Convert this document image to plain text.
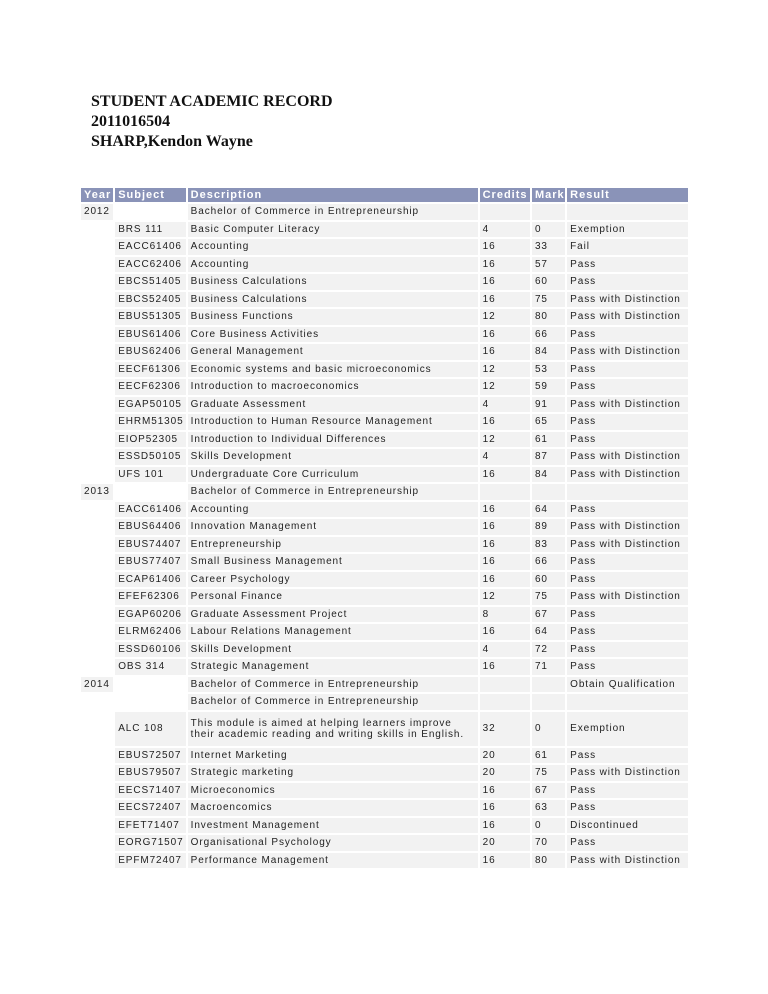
STUDENT ACADEMIC RECORD
2011016504
SHARP,Kendon Wayne
Year	Subject	Description	Credits	Mark	Result
2012		Bachelor of Commerce in Entrepreneurship			
	BRS 111	Basic Computer Literacy	4	0	Exemption
	EACC61406	Accounting	16	33	Fail
	EACC62406	Accounting	16	57	Pass
	EBCS51405	Business Calculations	16	60	Pass
	EBCS52405	Business Calculations	16	75	Pass with Distinction
	EBUS51305	Business Functions	12	80	Pass with Distinction
	EBUS61406	Core Business Activities	16	66	Pass
	EBUS62406	General Management	16	84	Pass with Distinction
	EECF61306	Economic systems and basic microeconomics	12	53	Pass
	EECF62306	Introduction to macroeconomics	12	59	Pass
	EGAP50105	Graduate Assessment	4	91	Pass with Distinction
	EHRM51305	Introduction to Human Resource Management	16	65	Pass
	EIOP52305	Introduction to Individual Differences	12	61	Pass
	ESSD50105	Skills Development	4	87	Pass with Distinction
	UFS 101	Undergraduate Core Curriculum	16	84	Pass with Distinction
2013		Bachelor of Commerce in Entrepreneurship			
	EACC61406	Accounting	16	64	Pass
	EBUS64406	Innovation Management	16	89	Pass with Distinction
	EBUS74407	Entrepreneurship	16	83	Pass with Distinction
	EBUS77407	Small Business Management	16	66	Pass
	ECAP61406	Career Psychology	16	60	Pass
	EFEF62306	Personal Finance	12	75	Pass with Distinction
	EGAP60206	Graduate Assessment Project	8	67	Pass
	ELRM62406	Labour Relations Management	16	64	Pass
	ESSD60106	Skills Development	4	72	Pass
	OBS 314	Strategic Management	16	71	Pass
2014		Bachelor of Commerce in Entrepreneurship			Obtain Qualification
		Bachelor of Commerce in Entrepreneurship			
	ALC 108	This module is aimed at helping learners improve their academic reading and writing skills in English.	32	0	Exemption
	EBUS72507	Internet Marketing	20	61	Pass
	EBUS79507	Strategic marketing	20	75	Pass with Distinction
	EECS71407	Microeconomics	16	67	Pass
	EECS72407	Macroencomics	16	63	Pass
	EFET71407	Investment Management	16	0	Discontinued
	EORG71507	Organisational Psychology	20	70	Pass
	EPFM72407	Performance Management	16	80	Pass with Distinction
